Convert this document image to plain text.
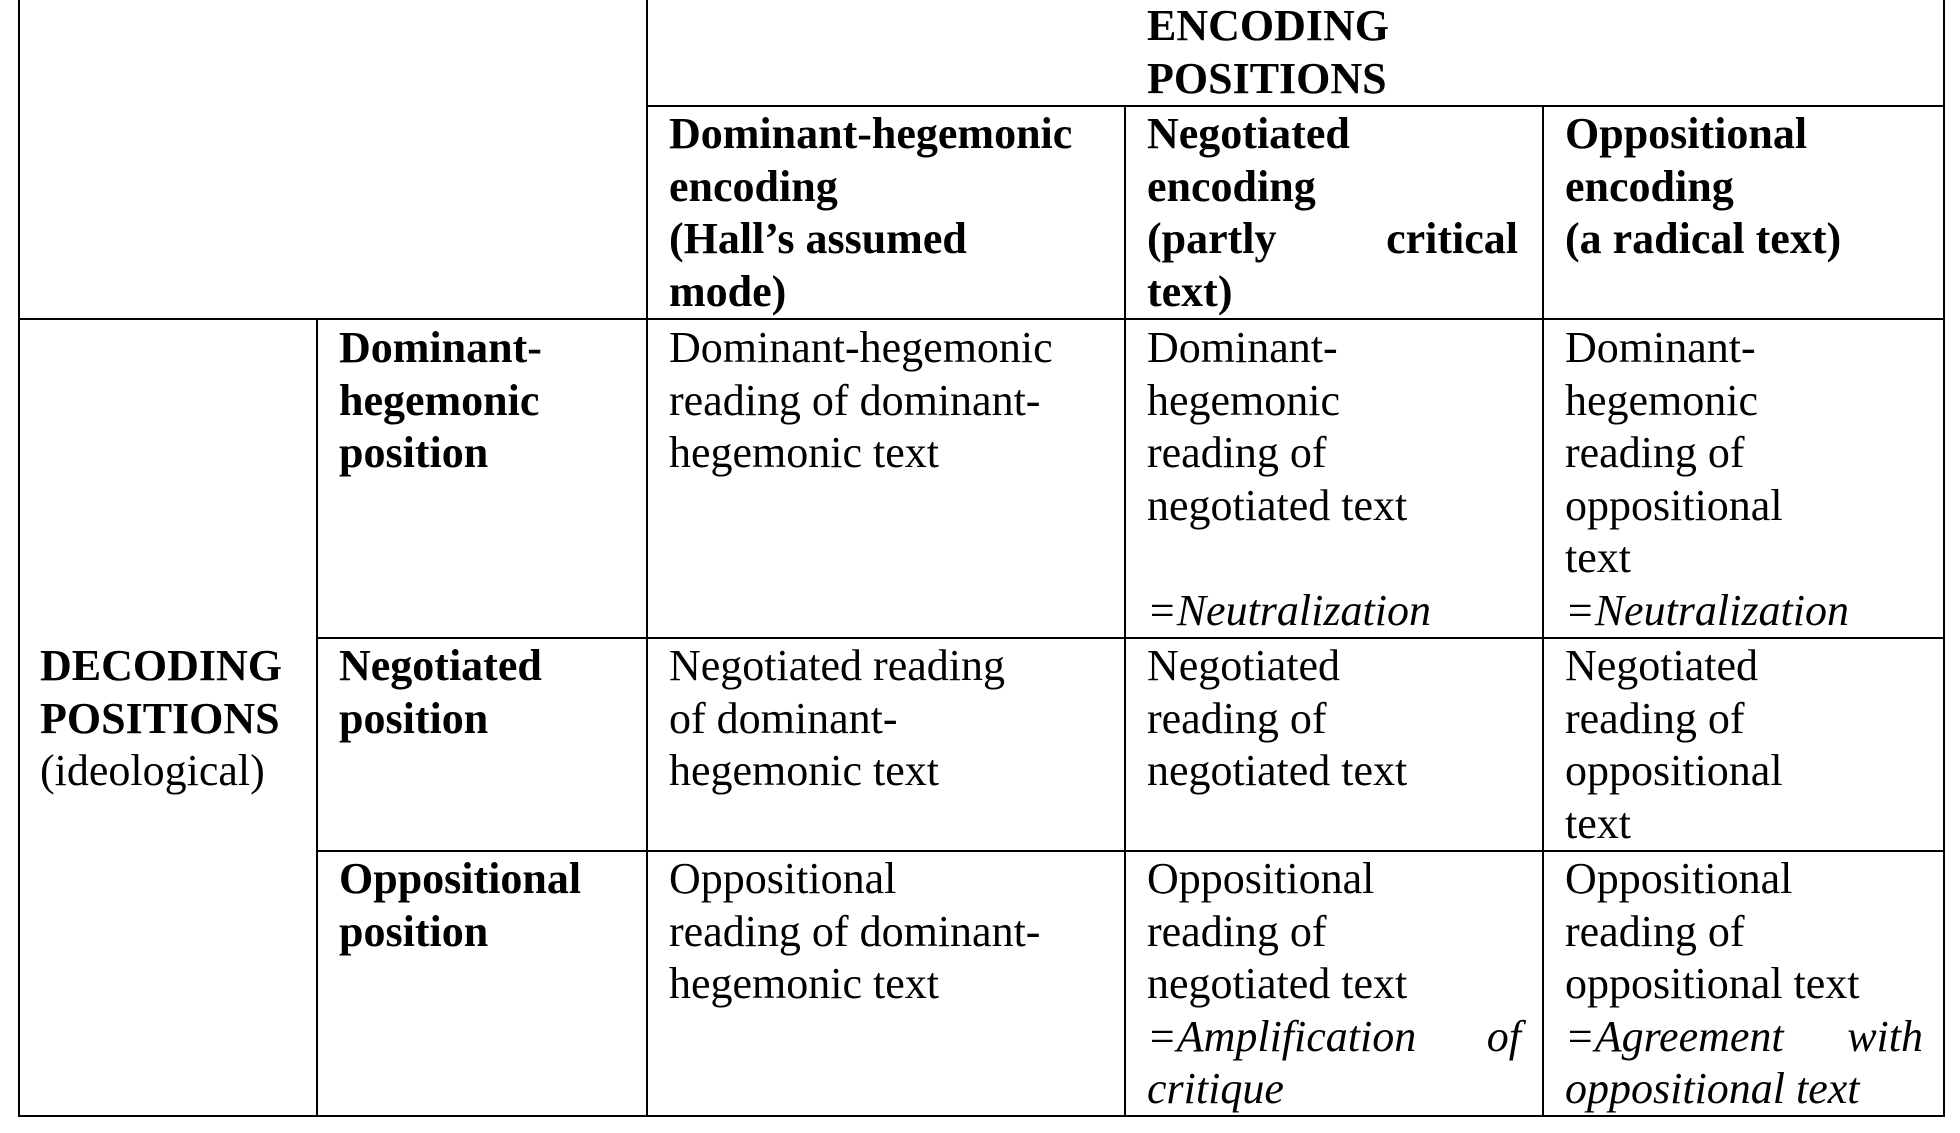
ENCODING
POSITIONS
Dominant-hegemonic
encoding
(Hall’s assumed
mode)
Negotiated
encoding
(partly critical
text)
Oppositional
encoding
(a radical text)
DECODING
POSITIONS
(ideological)
Dominant-
hegemonic
position
Dominant-hegemonic
reading of dominant-
hegemonic text
Dominant-
hegemonic
reading of
negotiated text
=Neutralization
Dominant-
hegemonic
reading of
oppositional
text
=Neutralization
Negotiated
position
Negotiated reading
of dominant-
hegemonic text
Negotiated
reading of
negotiated text
Negotiated
reading of
oppositional
text
Oppositional
position
Oppositional
reading of dominant-
hegemonic text
Oppositional
reading of
negotiated text
=Amplification of
critique
Oppositional
reading of
oppositional text
=Agreement with
oppositional text
